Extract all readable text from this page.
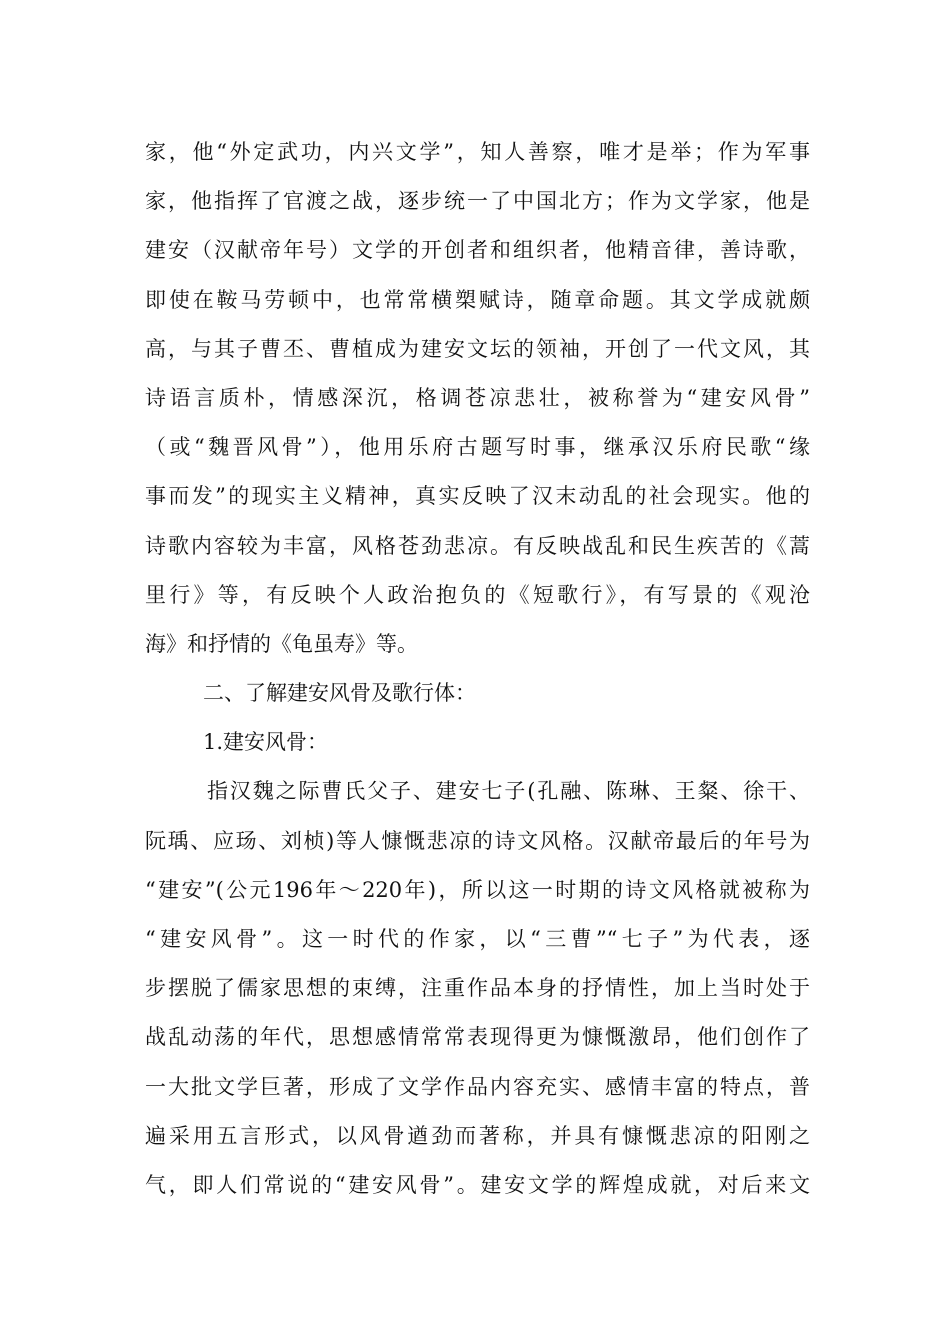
家，他“外定武功，内兴文学”，知人善察，唯才是举；作为军事
家，他指挥了官渡之战，逐步统一了中国北方；作为文学家，他是
建安（汉献帝年号）文学的开创者和组织者，他精音律，善诗歌，
即使在鞍马劳顿中，也常常横槊赋诗，随章命题。其文学成就颇
高，与其子曹丕、曹植成为建安文坛的领袖，开创了一代文风，其
诗语言质朴，情感深沉，格调苍凉悲壮，被称誉为“建安风骨”
（或“魏晋风骨”），他用乐府古题写时事，继承汉乐府民歌“缘
事而发”的现实主义精神，真实反映了汉末动乱的社会现实。他的
诗歌内容较为丰富，风格苍劲悲凉。有反映战乱和民生疾苦的《蒿
里行》等，有反映个人政治抱负的《短歌行》，有写景的《观沧
海》和抒情的《龟虽寿》等。
二、了解建安风骨及歌行体：
1.建安风骨：
指汉魏之际曹氏父子、建安七子(孔融、陈琳、王粲、徐干、
阮瑀、应玚、刘桢)等人慷慨悲凉的诗文风格。汉献帝最后的年号为
“建安”(公元196年～220年)，所以这一时期的诗文风格就被称为
“建安风骨”。这一时代的作家，以“三曹”“七子”为代表，逐
步摆脱了儒家思想的束缚，注重作品本身的抒情性，加上当时处于
战乱动荡的年代，思想感情常常表现得更为慷慨激昂，他们创作了
一大批文学巨著，形成了文学作品内容充实、感情丰富的特点，普
遍采用五言形式，以风骨遒劲而著称，并具有慷慨悲凉的阳刚之
气，即人们常说的“建安风骨”。建安文学的辉煌成就，对后来文
